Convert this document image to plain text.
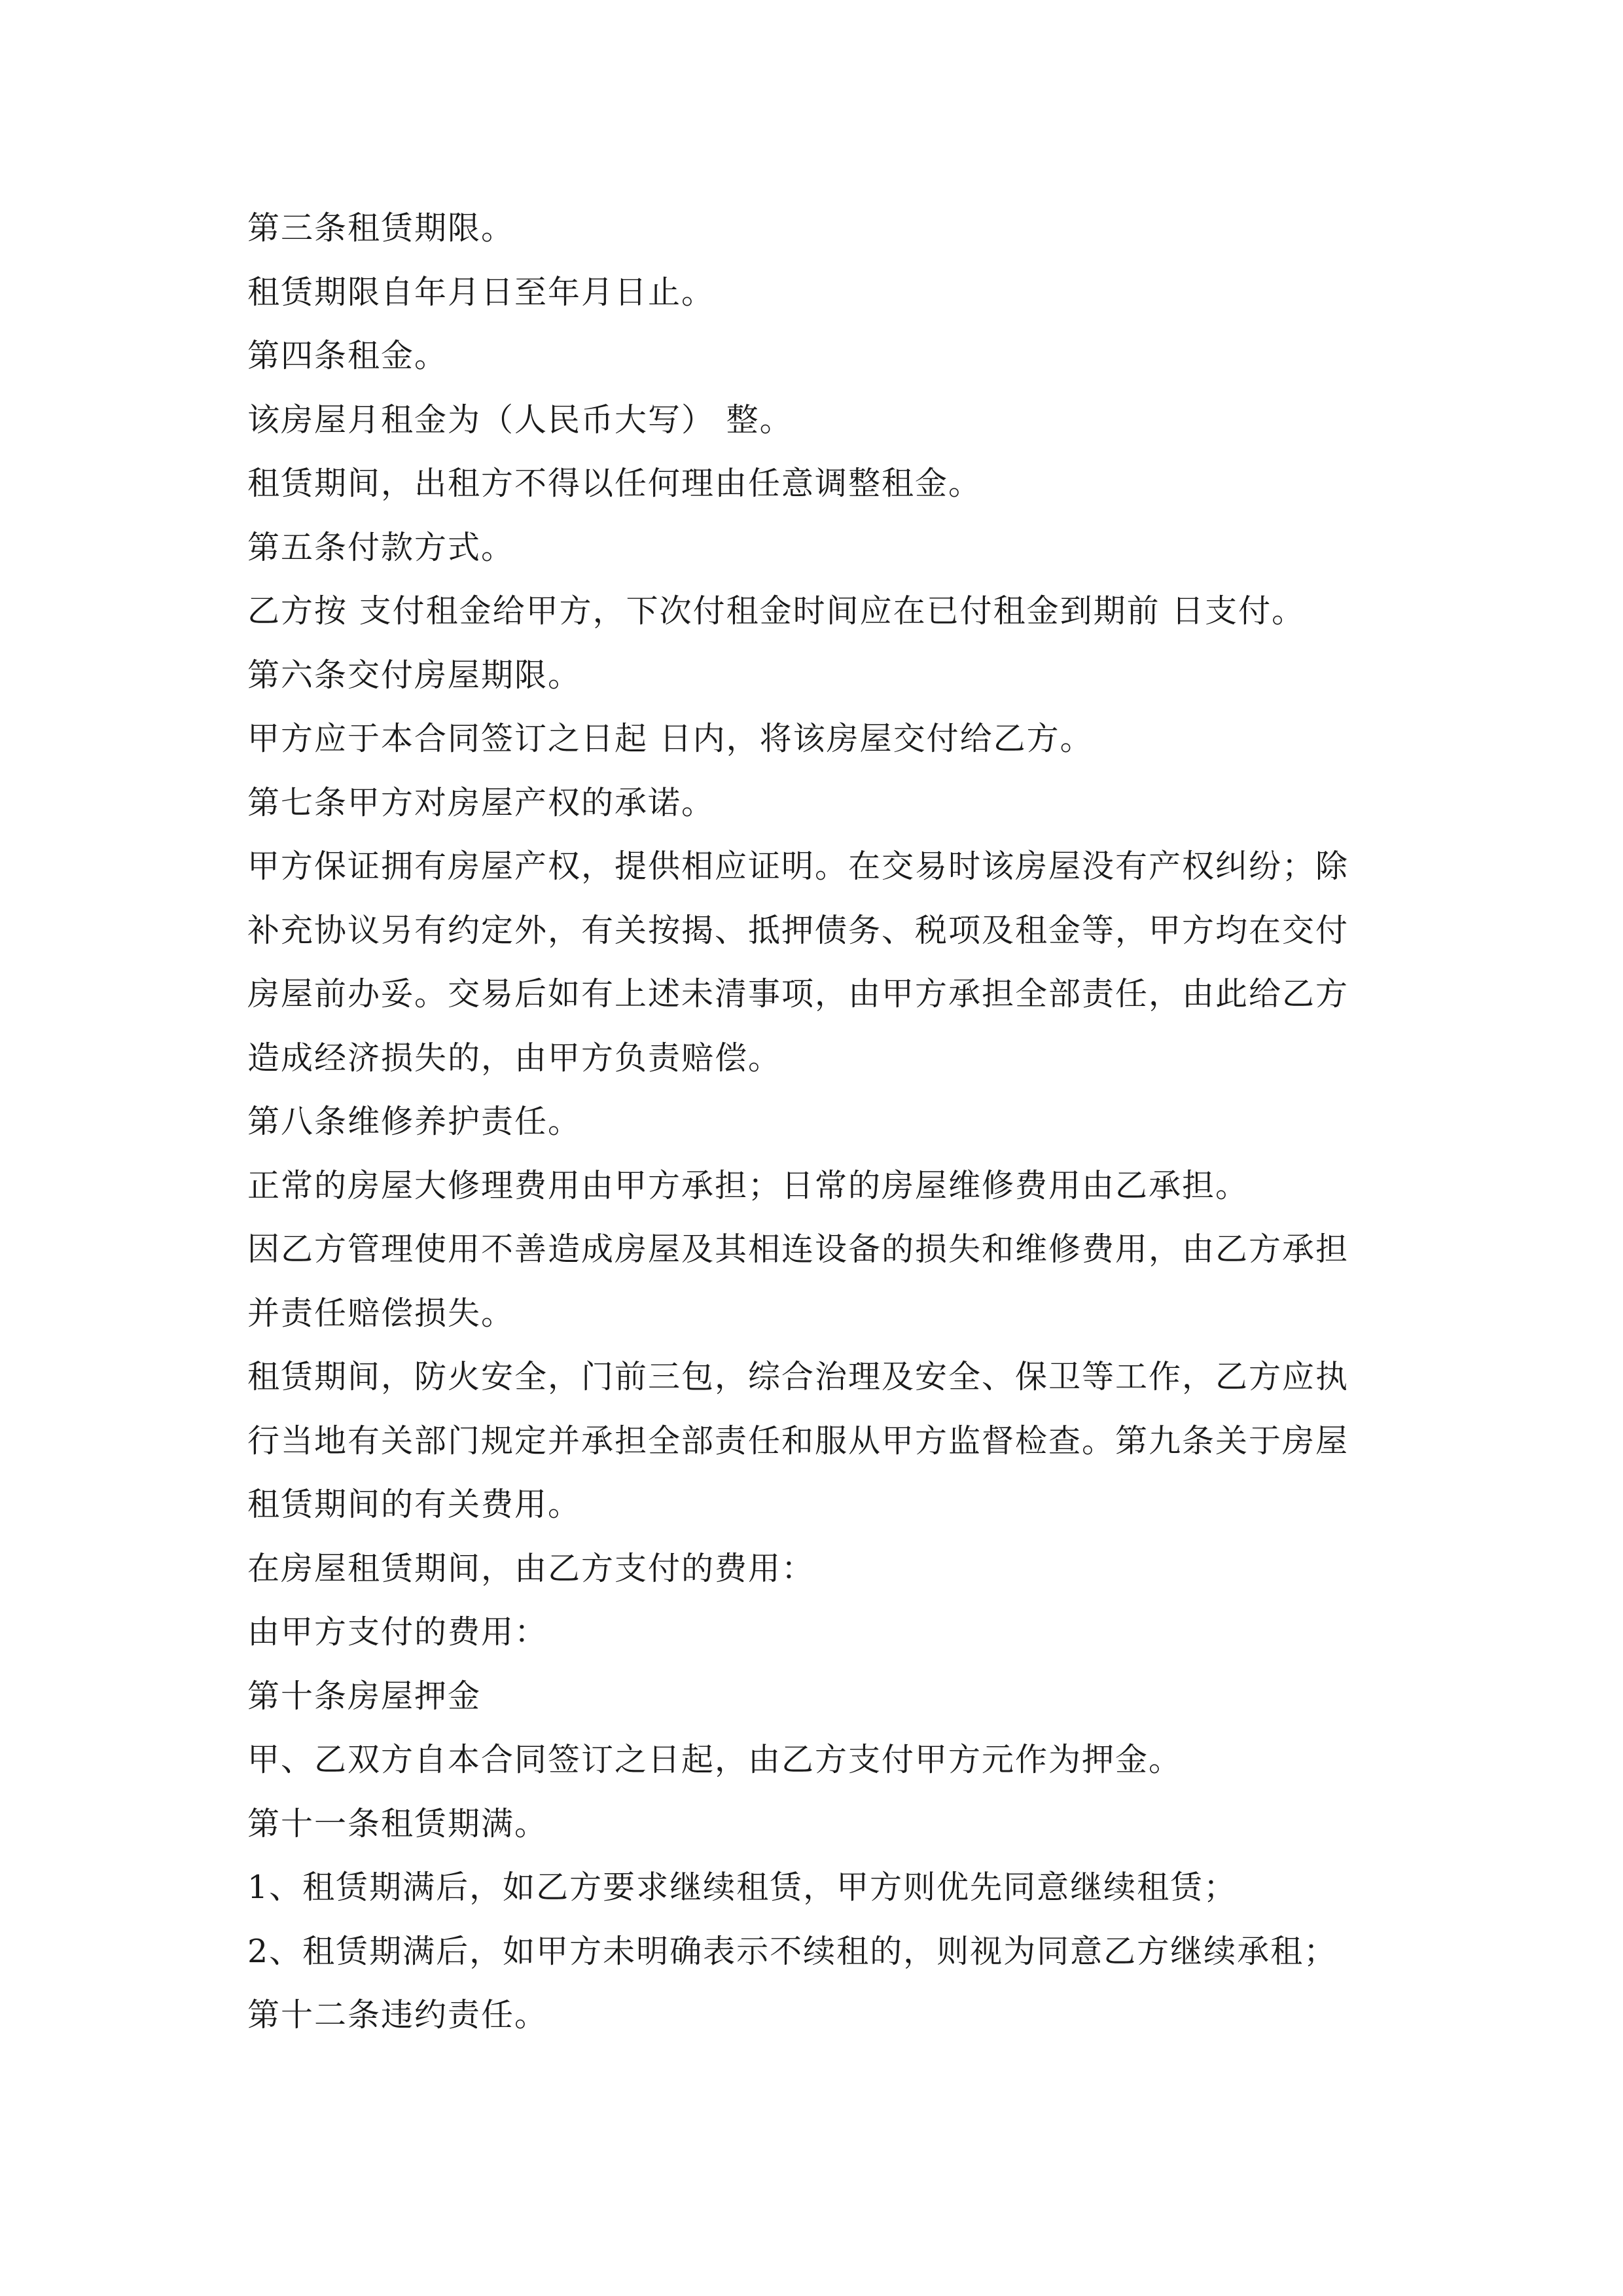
第三条租赁期限。

租赁期限自年月日至年月日止。

第四条租金。

该房屋月租金为（人民币大写） 整。

租赁期间，出租方不得以任何理由任意调整租金。

第五条付款方式。

乙方按 支付租金给甲方，下次付租金时间应在已付租金到期前 日支付。

第六条交付房屋期限。

甲方应于本合同签订之日起 日内，将该房屋交付给乙方。

第七条甲方对房屋产权的承诺。

甲方保证拥有房屋产权，提供相应证明。在交易时该房屋没有产权纠纷；除补充协议另有约定外，有关按揭、抵押债务、税项及租金等，甲方均在交付房屋前办妥。交易后如有上述未清事项，由甲方承担全部责任，由此给乙方造成经济损失的，由甲方负责赔偿。

第八条维修养护责任。

正常的房屋大修理费用由甲方承担；日常的房屋维修费用由乙承担。

因乙方管理使用不善造成房屋及其相连设备的损失和维修费用，由乙方承担并责任赔偿损失。

租赁期间，防火安全，门前三包，综合治理及安全、保卫等工作，乙方应执行当地有关部门规定并承担全部责任和服从甲方监督检查。第九条关于房屋租赁期间的有关费用。

在房屋租赁期间，由乙方支付的费用：

由甲方支付的费用：

第十条房屋押金

甲、乙双方自本合同签订之日起，由乙方支付甲方元作为押金。

第十一条租赁期满。

1、租赁期满后，如乙方要求继续租赁，甲方则优先同意继续租赁；

2、租赁期满后，如甲方未明确表示不续租的，则视为同意乙方继续承租；

第十二条违约责任。
